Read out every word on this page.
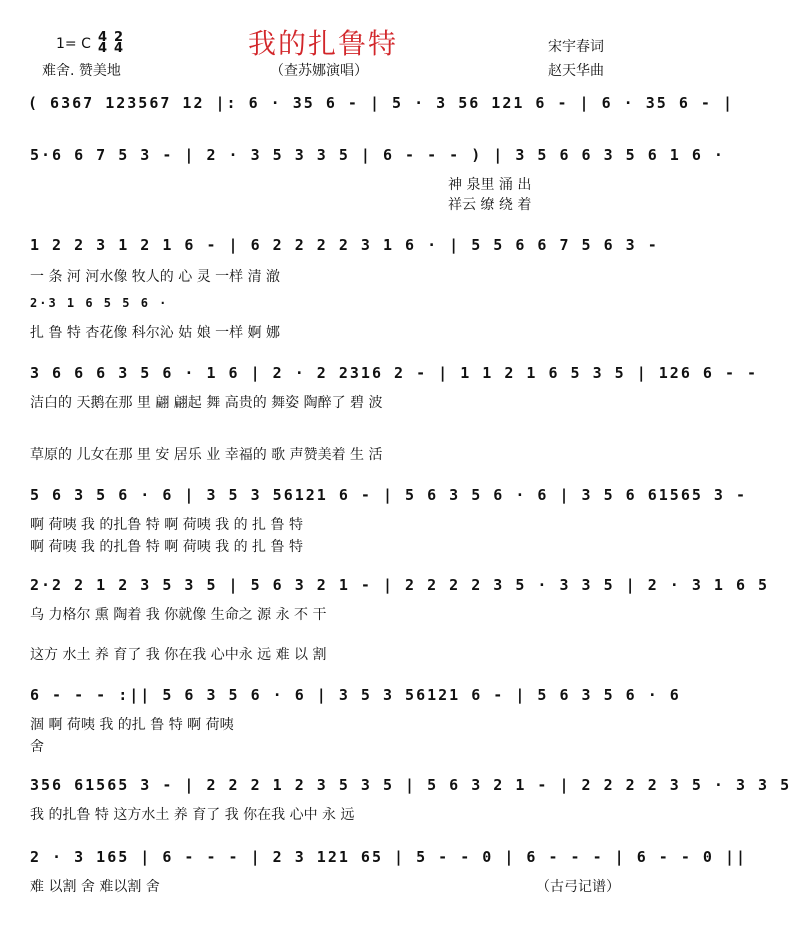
1= C 4
4
2
4	我的扎鲁特	宋宇春词
难舍. 赞美地	（查苏娜演唱）	赵天华曲
( 6367 123567 12 |: 6 · 35 6 - | 5 · 3 56 121 6 - | 6 · 35 6 - |
5·6 6 7 5 3 - | 2 · 3 5 3 3 5 | 6 - - - ) | 3 5 6 6 3 5 6 1 6 ·
神 泉里 涌 出
祥云 缭 绕 着
1 2 2 3 1 2 1 6 - | 6 2 2 2 2 3 1 6 · | 5 5 6 6 7 5 6 3 -
一 条 河 河水像 牧人的 心 灵 一样 清 澈
2·3 1 6 5 5 6 ·
扎 鲁 特 杏花像 科尔沁 姑 娘 一样 婀 娜
3 6 6 6 3 5 6 · 1 6 | 2 · 2 2316 2 - | 1 1 2 1 6 5 3 5 | 126 6 - -
洁白的 天鹅在那 里 翩 翩起 舞 高贵的 舞姿 陶醉了 碧 波
草原的 儿女在那 里 安 居乐 业 幸福的 歌 声赞美着 生 活
5 6 3 5 6 · 6 | 3 5 3 56121 6 - | 5 6 3 5 6 · 6 | 3 5 6 61565 3 -
啊 荷咦 我 的扎鲁 特 啊 荷咦 我 的 扎 鲁 特
啊 荷咦 我 的扎鲁 特 啊 荷咦 我 的 扎 鲁 特
2·2 2 1 2 3 5 3 5 | 5 6 3 2 1 - | 2 2 2 2 3 5 · 3 3 5 | 2 · 3 1 6 5
乌 力格尔 熏 陶着 我 你就像 生命之 源 永 不 干
这方 水土 养 育了 我 你在我 心中永 远 难 以 割
6 - - - :|| 5 6 3 5 6 · 6 | 3 5 3 56121 6 - | 5 6 3 5 6 · 6
涸 啊 荷咦 我 的扎 鲁 特 啊 荷咦
舍
356 61565 3 - | 2 2 2 1 2 3 5 3 5 | 5 6 3 2 1 - | 2 2 2 2 3 5 · 3 3 5
我 的扎鲁 特 这方水土 养 育了 我 你在我 心中 永 远
2 · 3 165 | 6 - - - | 2 3 121 65 | 5 - - 0 | 6 - - - | 6 - - 0 ||
难 以割 舍 难以割 舍	（古弓记谱）
